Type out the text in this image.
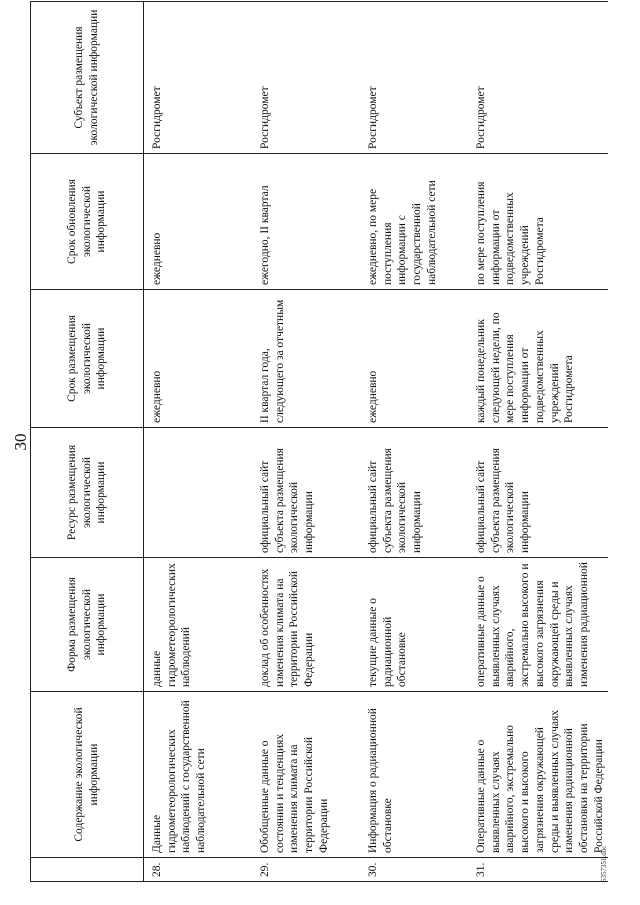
30
	Содержание экологической информации	Форма размещения экологической информации	Ресурс размещения экологической информации	Срок размещения экологической информации	Срок обновления экологической информации	Субъект размещения экологической информации
28.	Данные гидрометеорологических наблюдений с государственной наблюдательной сети	данные гидрометеорологических наблюдений		ежедневно	ежедневно	Росгидромет
29.	Обобщенные данные о состоянии и тенденциях изменения климата на территории Российской Федерации	доклад об особенностях изменения климата на территории Российской Федерации	официальный сайт субъекта размещения экологической информации	II квартал года, следующего за отчетным	ежегодно, II квартал	Росгидромет
30.	Информация о радиационной обстановке	текущие данные о радиационной обстановке	официальный сайт субъекта размещения экологической информации	ежедневно	ежедневно, по мере поступления информации с государственной наблюдательной сети	Росгидромет
31.	Оперативные данные о выявленных случаях аварийного, экстремально высокого и высокого загрязнения окружающей среды и выявленных случаях изменения радиационной обстановки на территории Российской Федерации	оперативные данные о выявленных случаях аварийного, экстремально высокого и высокого загрязнения окружающей среды и выявленных случаях изменения радиационной	официальный сайт субъекта размещения экологической информации	каждый понедельник следующей недели, по мере поступления информации от подведомственных учреждений Росгидромета	по мере поступления информации от подведомственных учреждений Росгидромета	Росгидромет
5357351.doc
